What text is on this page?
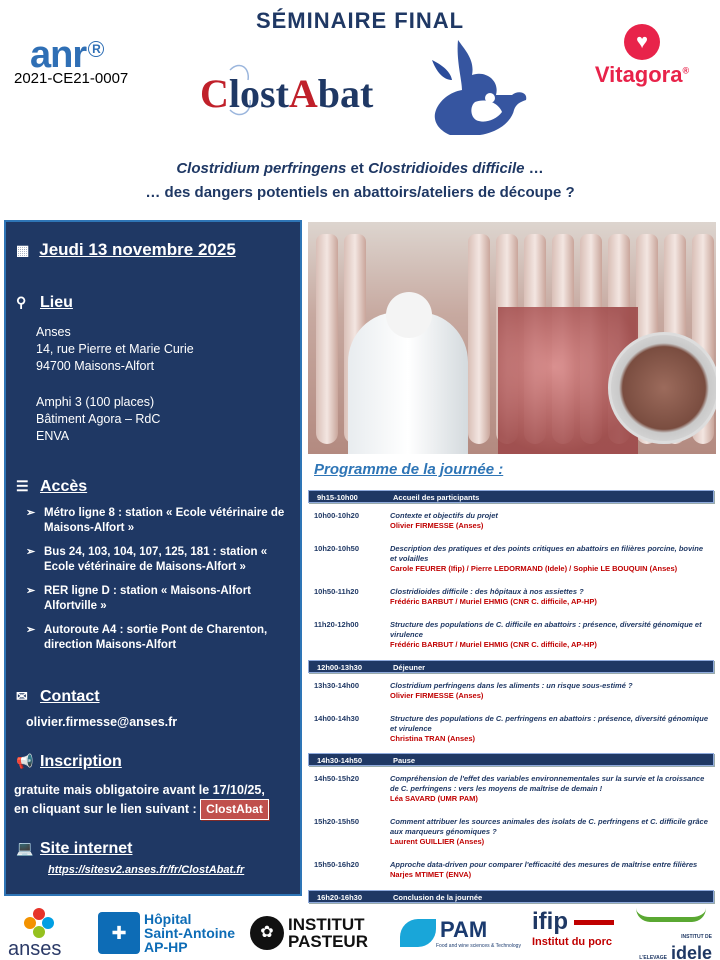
SÉMINAIRE FINAL
anr $^R$
2021-CE21-0007 ClostAbat
♥
Vitagora®
Clostridium perfringens et Clostridioides difficile …
… des dangers potentiels en abattoirs/ateliers de découpe ?
▦ Jeudi 13 novembre 2025
⚲ Lieu
Anses
14, rue Pierre et Marie Curie
94700 Maisons-Alfort
Amphi 3 (100 places)
Bâtiment Agora – RdC
ENVA
☰ Accès
➢ Métro ligne 8 : station « Ecole vétérinaire de Maisons-Alfort »
➢ Bus 24, 103, 104, 107, 125, 181 : station « Ecole vétérinaire de Maisons-Alfort »
➢ RER ligne D : station « Maisons-Alfort Alfortville »
➢ Autoroute A4 : sortie Pont de Charenton, direction Maisons-Alfort
✉ Contact
olivier.firmesse@anses.fr
📢 Inscription
gratuite mais obligatoire avant le 17/10/25,
en cliquant sur le lien suivant : ClostAbat
💻 Site internet
https://sitesv2.anses.fr/fr/ClostAbat.fr
Programme de la journée :
9h15-10h00	Accueil des participants
10h00-10h20	Contexte et objectifs du projet
Olivier FIRMESSE (Anses)
10h20-10h50	Description des pratiques et des points critiques en abattoirs en filières porcine, bovine et volailles
Carole FEURER (Ifip) / Pierre LEDORMAND (Idele) / Sophie LE BOUQUIN (Anses)
10h50-11h20	Clostridioides difficile : des hôpitaux à nos assiettes ?
Frédéric BARBUT / Muriel EHMIG (CNR C. difficile, AP-HP)
11h20-12h00	Structure des populations de C. difficile en abattoirs : présence, diversité génomique et virulence
Frédéric BARBUT / Muriel EHMIG (CNR C. difficile, AP-HP)
12h00-13h30	Déjeuner
13h30-14h00	Clostridium perfringens dans les aliments : un risque sous-estimé ?
Olivier FIRMESSE (Anses)
14h00-14h30	Structure des populations de C. perfringens en abattoirs : présence, diversité génomique et virulence
Christina TRAN (Anses)
14h30-14h50	Pause
14h50-15h20	Compréhension de l'effet des variables environnementales sur la survie et la croissance de C. perfringens : vers les moyens de maîtrise de demain !
Léa SAVARD (UMR PAM)
15h20-15h50	Comment attribuer les sources animales des isolats de C. perfringens et C. difficile grâce aux marqueurs génomiques ?
Laurent GUILLIER (Anses)
15h50-16h20	Approche data-driven pour comparer l'efficacité des mesures de maîtrise entre filières
Narjes MTIMET (ENVA)
16h20-16h30	Conclusion de la journée
anses
✚
Hôpital
Saint-Antoine
AP-HP
✿ INSTITUT
PASTEUR	PAM
Food and wine sciences & Technology
ifip
Institut du porc	INSTITUT DE L'ELEVAGE idele
